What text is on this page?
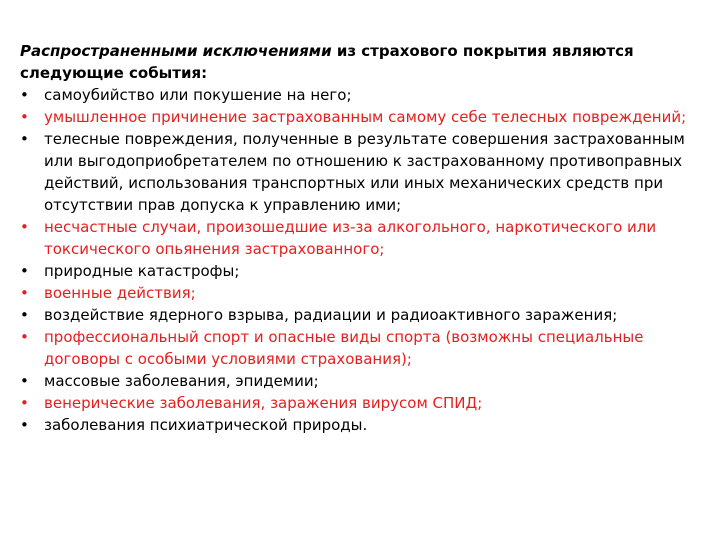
Распространенными исключениями из страхового покрытия являются следующие события:

•	самоубийство или покушение на него;
•	умышленное причинение застрахованным самому себе телесных повреждений;
•	телесные повреждения, полученные в результате совершения застрахованным или выгодоприобретателем по отношению к застрахованному противоправных действий, использования транспортных или иных механических средств при отсутствии прав допуска к управлению ими;
•	несчастные случаи, произошедшие из-за алкогольного, наркотического или токсического опьянения застрахованного;
•	природные катастрофы;
•	военные действия;
•	воздействие ядерного взрыва, радиации и радиоактивного заражения;
•	профессиональный спорт и опасные виды спорта (возможны специальные договоры с особыми условиями страхования);
•	массовые заболевания, эпидемии;
•	венерические заболевания, заражения вирусом СПИД;
•	заболевания психиатрической природы.
